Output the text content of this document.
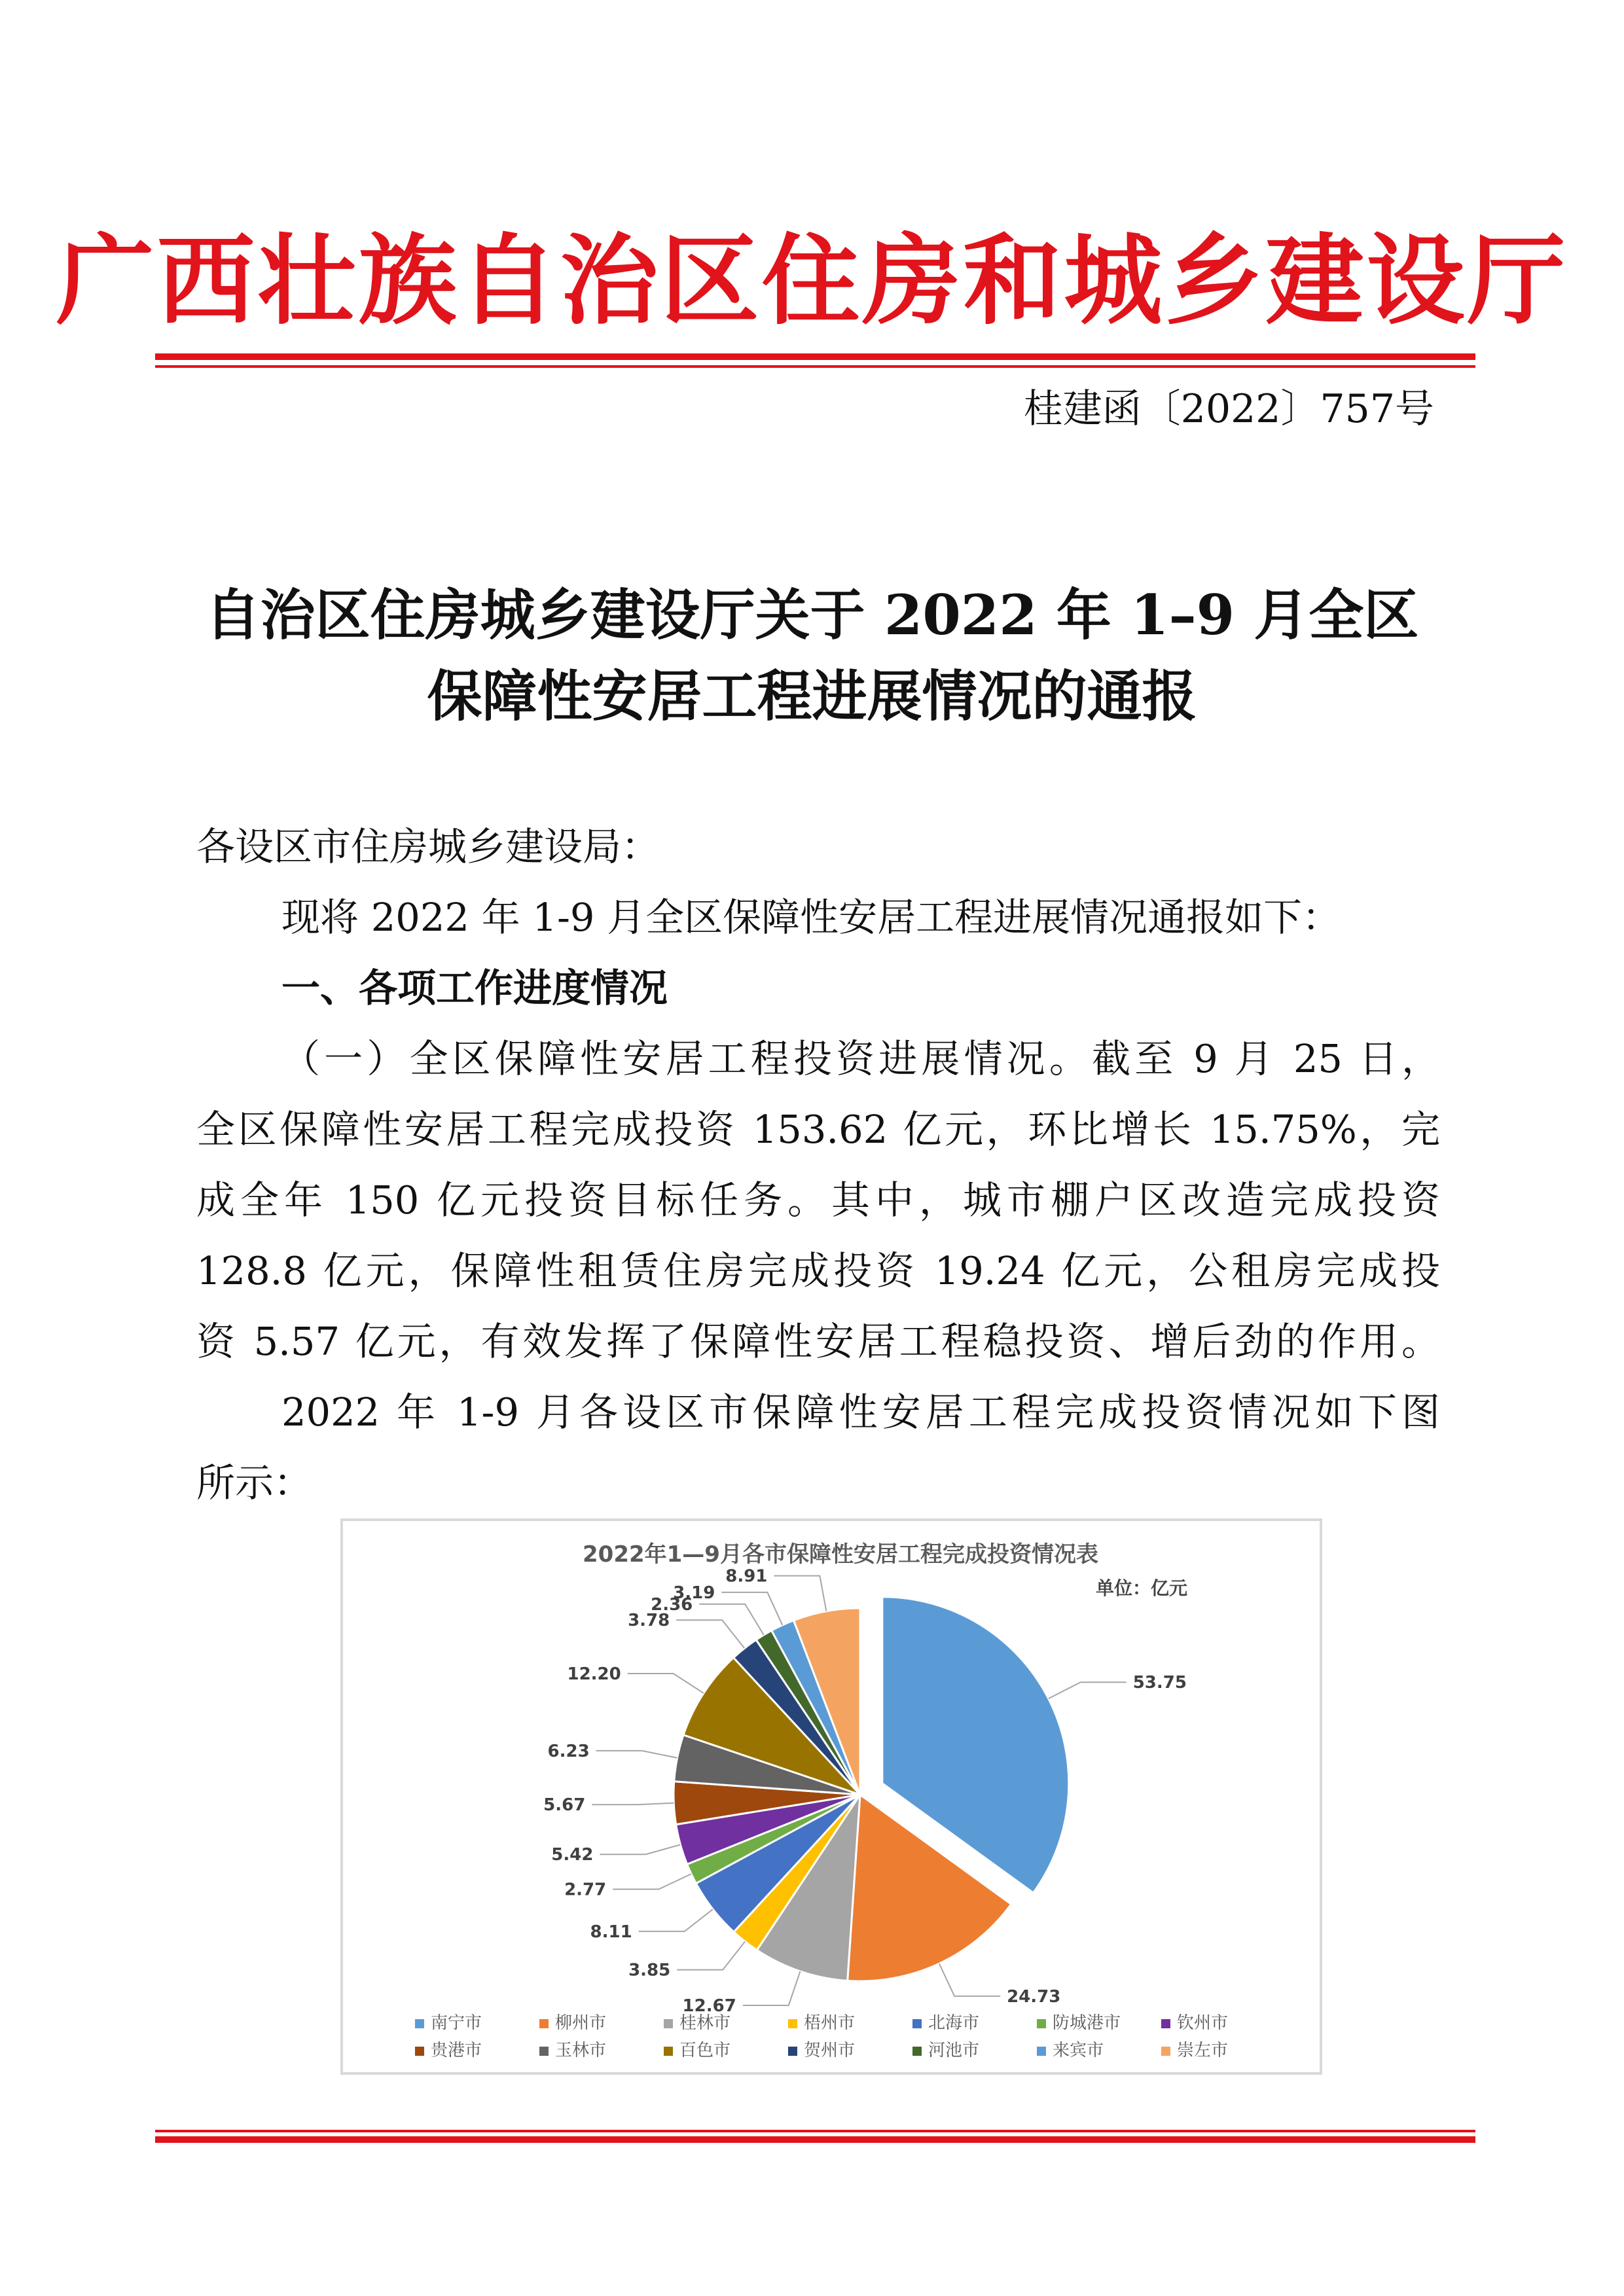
广西壮族自治区住房和城乡建设厅
桂建函〔2022〕757号
自治区住房城乡建设厅关于 2022 年 1–9 月全区
保障性安居工程进展情况的通报
各设区市住房城乡建设局：
现将 2022 年 1-9 月全区保障性安居工程进展情况通报如下：
一、各项工作进度情况
（一）全区保障性安居工程投资进展情况。截至 9 月 25 日，
全区保障性安居工程完成投资 153.62 亿元，环比增长 15.75%，完
成全年 150 亿元投资目标任务。其中，城市棚户区改造完成投资
128.8 亿元，保障性租赁住房完成投资 19.24 亿元，公租房完成投
资 5.57 亿元，有效发挥了保障性安居工程稳投资、增后劲的作用。
2022 年 1-9 月各设区市保障性安居工程完成投资情况如下图
所示：
2022年1—9月各市保障性安居工程完成投资情况表
单位：亿元
53.75
24.73
12.67
3.85
8.11
2.77
5.42
5.67
6.23
12.20
3.78
2.36
3.19
8.91
南宁市	柳州市	桂林市	梧州市	北海市	防城港市	钦州市
贵港市	玉林市	百色市	贺州市	河池市	来宾市	崇左市
